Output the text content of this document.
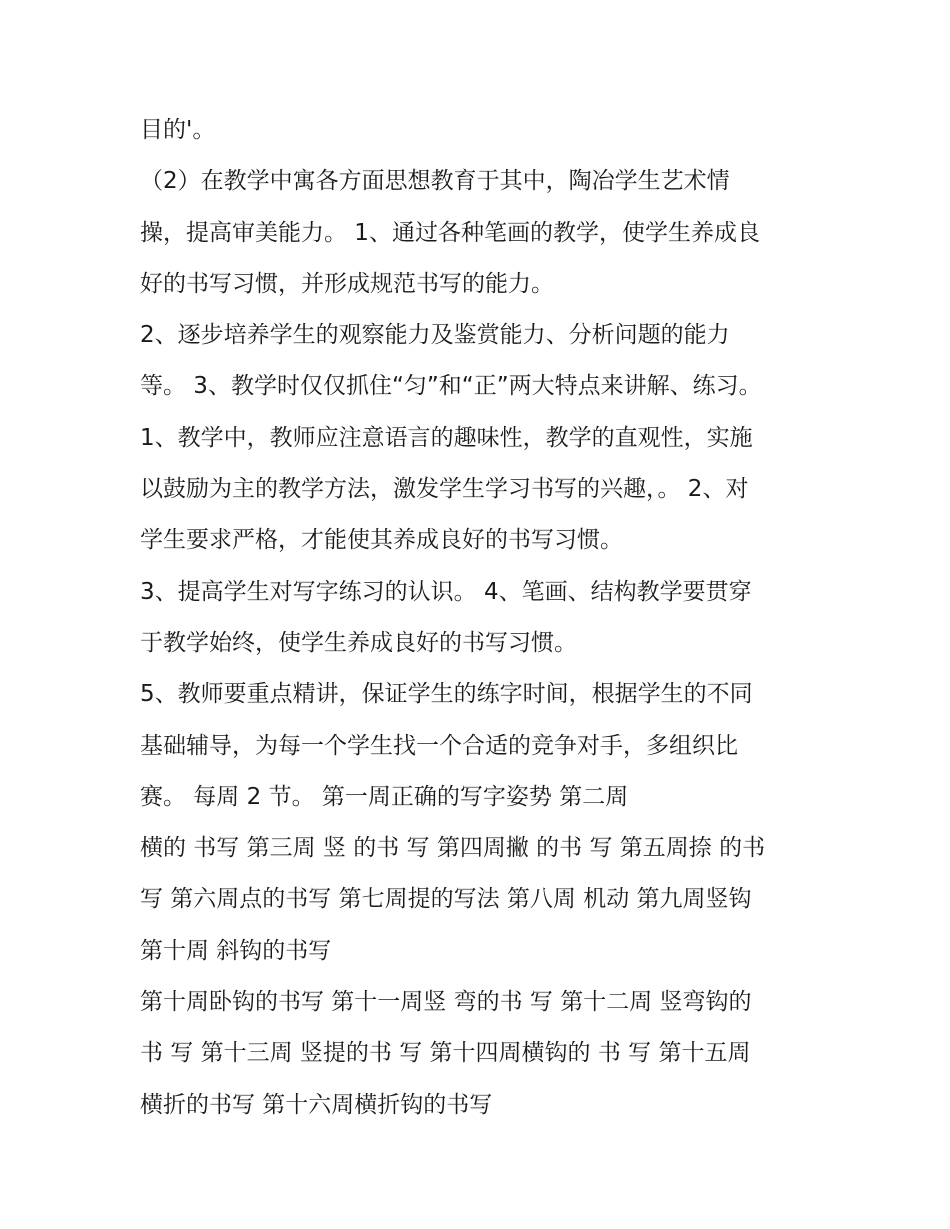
目的'。
（2）在教学中寓各方面思想教育于其中，陶冶学生艺术情
操，提高审美能力。 1、通过各种笔画的教学，使学生养成良
好的书写习惯，并形成规范书写的能力。
2、逐步培养学生的观察能力及鉴赏能力、分析问题的能力
等。 3、教学时仅仅抓住“匀”和“正”两大特点来讲解、练习。
1、教学中，教师应注意语言的趣味性，教学的直观性，实施
以鼓励为主的教学方法，激发学生学习书写的兴趣，。 2、对
学生要求严格，才能使其养成良好的书写习惯。
3、提高学生对写字练习的认识。 4、笔画、结构教学要贯穿
于教学始终，使学生养成良好的书写习惯。
5、教师要重点精讲，保证学生的练字时间，根据学生的不同
基础辅导，为每一个学生找一个合适的竞争对手，多组织比
赛。 每周 2 节。 第一周正确的写字姿势 第二周
横的 书写 第三周 竖 的书 写 第四周撇 的书 写 第五周捺 的书
写 第六周点的书写 第七周提的写法 第八周 机动 第九周竖钩
第十周 斜钩的书写
第十周卧钩的书写 第十一周竖 弯的书 写 第十二周 竖弯钩的
书 写 第十三周 竖提的书 写 第十四周横钩的 书 写 第十五周
横折的书写 第十六周横折钩的书写
